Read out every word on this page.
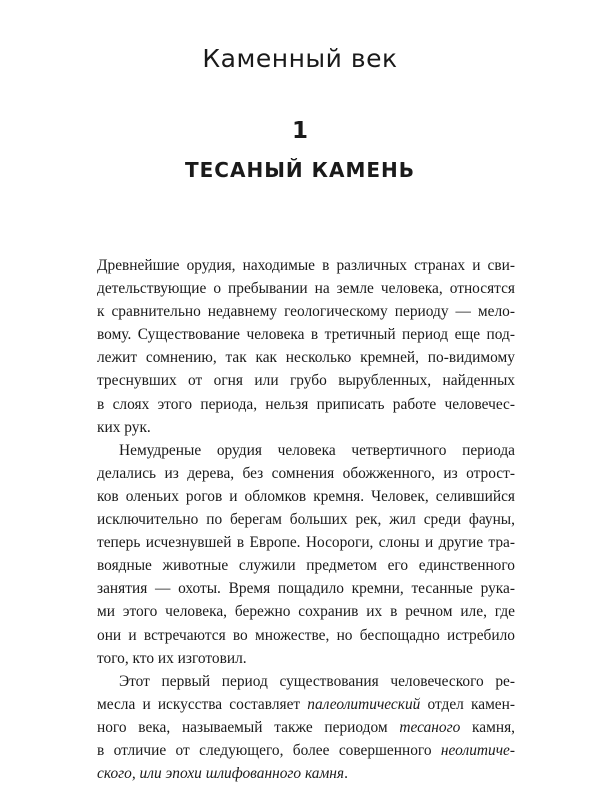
Каменный век
1
ТЕСАНЫЙ КАМЕНЬ
Древнейшие орудия, находимые в различных странах и сви-
детельствующие о пребывании на земле человека, относятся
к сравнительно недавнему геологическому периоду — мело-
вому. Существование человека в третичный период еще под-
лежит сомнению, так как несколько кремней, по-видимому
треснувших от огня или грубо вырубленных, найденных
в слоях этого периода, нельзя приписать работе человечес-
ких рук.
Немудреные орудия человека четвертичного периода
делались из дерева, без сомнения обожженного, из отрост-
ков оленьих рогов и обломков кремня. Человек, селившийся
исключительно по берегам больших рек, жил среди фауны,
теперь исчезнувшей в Европе. Носороги, слоны и другие тра-
воядные животные служили предметом его единственного
занятия — охоты. Время пощадило кремни, тесанные рука-
ми этого человека, бережно сохранив их в речном иле, где
они и встречаются во множестве, но беспощадно истребило
того, кто их изготовил.
Этот первый период существования человеческого ре-
месла и искусства составляет палеолитический отдел камен-
ного века, называемый также периодом тесаного камня,
в отличие от следующего, более совершенного неолитиче-
ского, или эпохи шлифованного камня.
